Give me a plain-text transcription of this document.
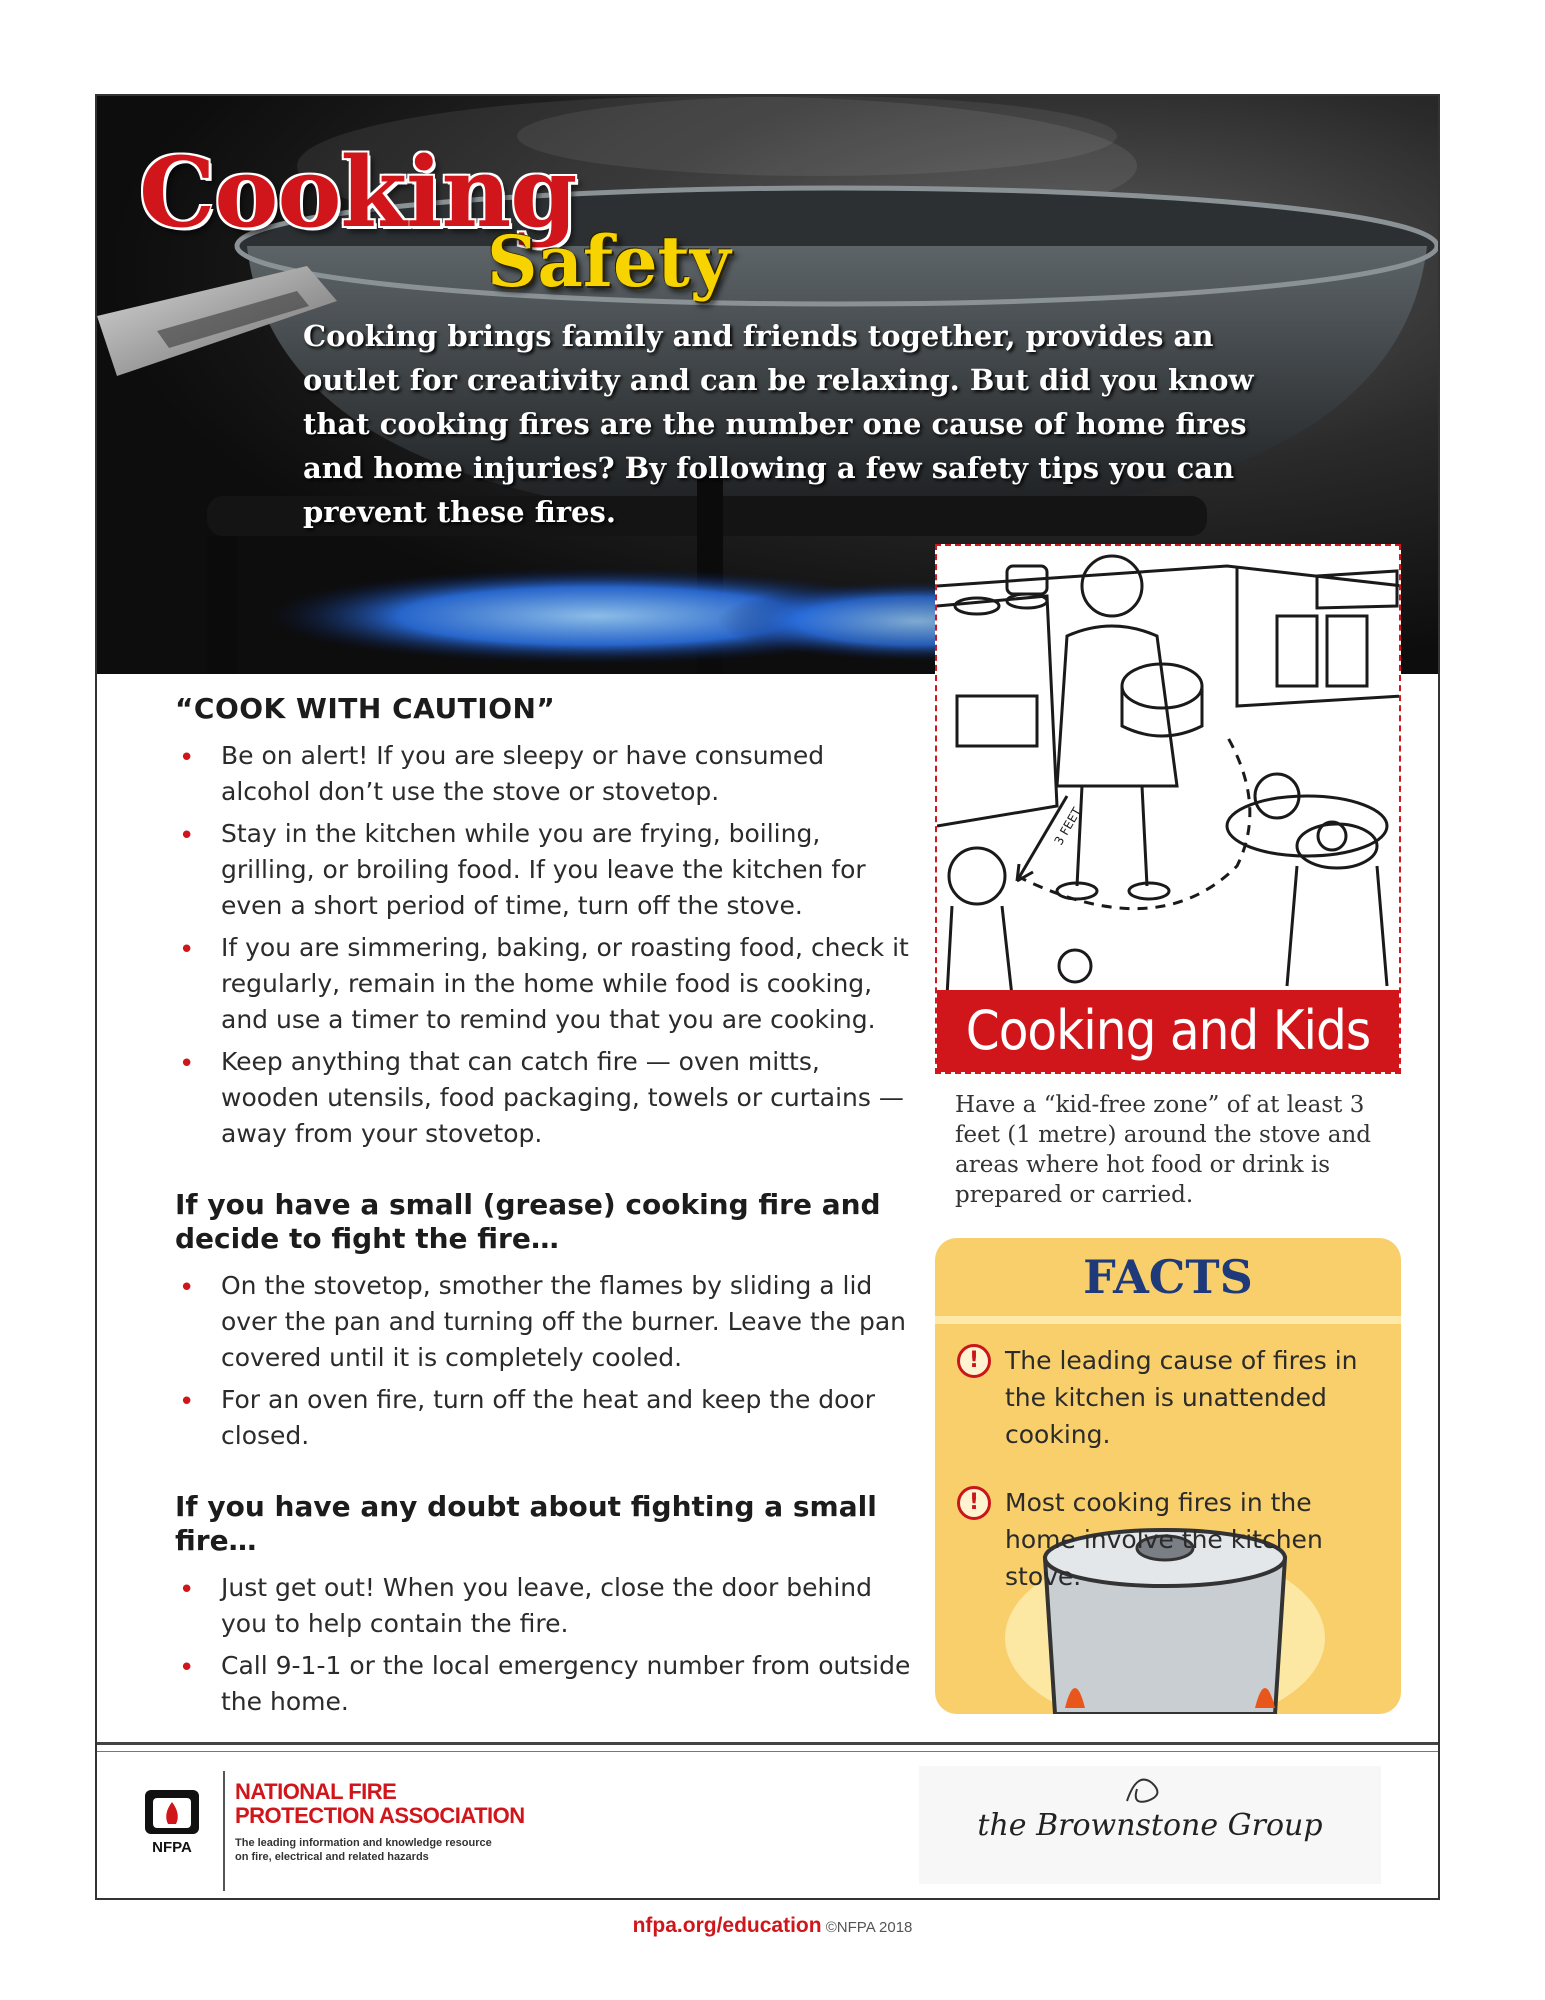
Cooking
Safety
Cooking brings family and friends together, provides an outlet for creativity and can be relaxing. But did you know that cooking fires are the number one cause of home fires and home injuries? By following a few safety tips you can prevent these fires.
3 FEET
Cooking and Kids
Have a “kid-free zone” of at least 3 feet (1 metre) around the stove and areas where hot food or drink is prepared or carried.
“COOK WITH CAUTION”
• Be on alert! If you are sleepy or have consumed alcohol don’t use the stove or stovetop.
• Stay in the kitchen while you are frying, boiling, grilling, or broiling food. If you leave the kitchen for even a short period of time, turn off the stove.
• If you are simmering, baking, or roasting food, check it regularly, remain in the home while food is cooking, and use a timer to remind you that you are cooking.
• Keep anything that can catch fire — oven mitts, wooden utensils, food packaging, towels or curtains — away from your stovetop.
If you have a small (grease) cooking fire and decide to fight the fire…
• On the stovetop, smother the flames by sliding a lid over the pan and turning off the burner. Leave the pan covered until it is completely cooled.
• For an oven fire, turn off the heat and keep the door closed.
If you have any doubt about fighting a small fire…
• Just get out! When you leave, close the door behind you to help contain the fire.
• Call 9-1-1 or the local emergency number from outside the home.
FACTS
!	The leading cause of fires in the kitchen is unattended cooking.
!	Most cooking fires in the home involve the kitchen stove.
NFPA
NATIONAL FIRE
PROTECTION ASSOCIATION
The leading information and knowledge resource
on fire, electrical and related hazards
the Brownstone Group
nfpa.org/education ©NFPA 2018
